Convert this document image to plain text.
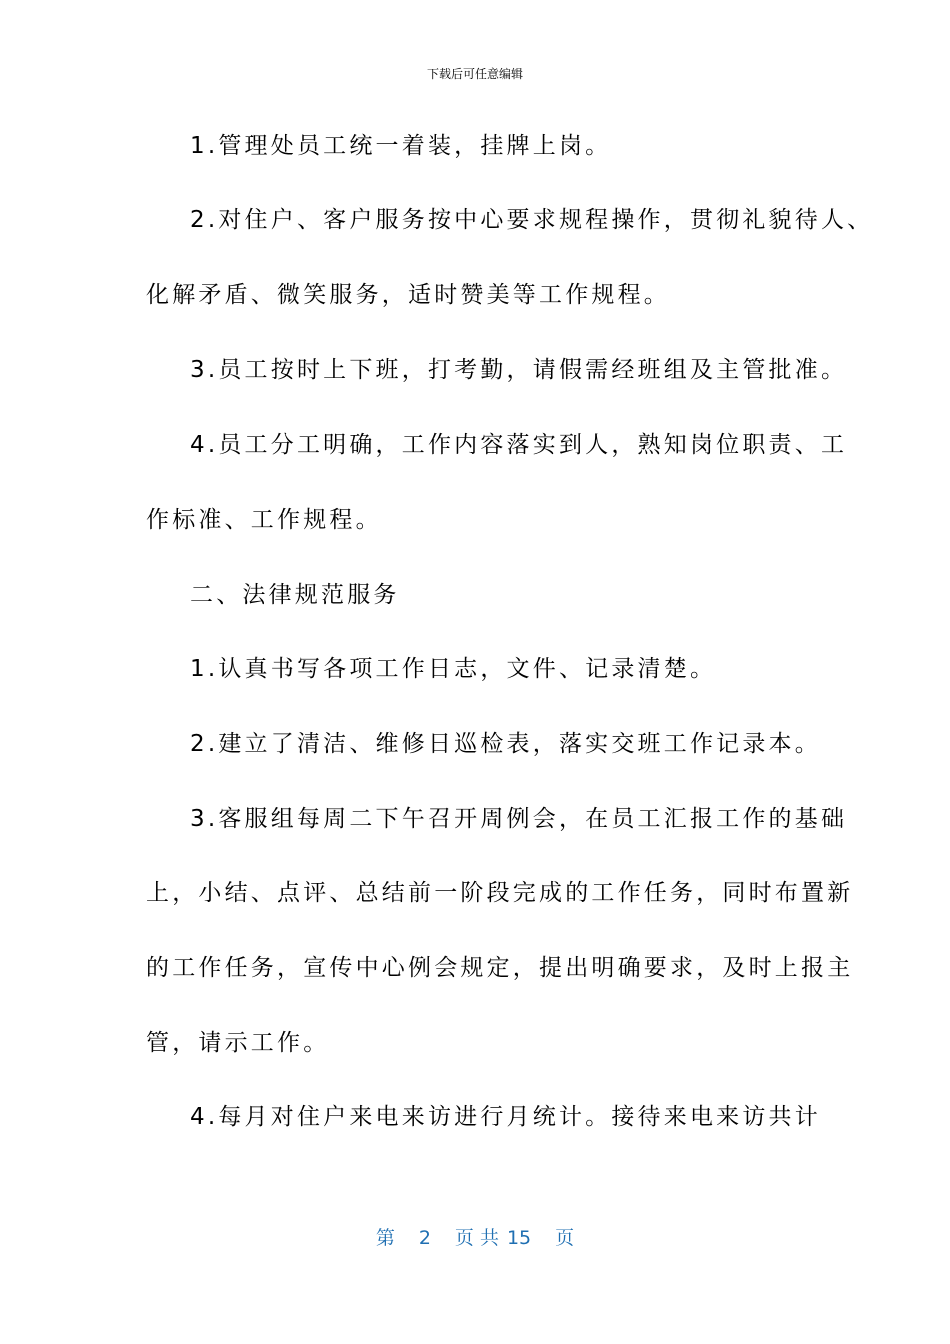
下载后可任意编辑
1.管理处员工统一着装，挂牌上岗。
2.对住户、客户服务按中心要求规程操作，贯彻礼貌待人、
化解矛盾、微笑服务，适时赞美等工作规程。
3.员工按时上下班，打考勤，请假需经班组及主管批准。
4.员工分工明确，工作内容落实到人，熟知岗位职责、工
作标准、工作规程。
二、法律规范服务
1.认真书写各项工作日志，文件、记录清楚。
2.建立了清洁、维修日巡检表，落实交班工作记录本。
3.客服组每周二下午召开周例会，在员工汇报工作的基础
上，小结、点评、总结前一阶段完成的工作任务，同时布置新
的工作任务，宣传中心例会规定，提出明确要求，及时上报主
管，请示工作。
4.每月对住户来电来访进行月统计。接待来电来访共计
第 2 页 共 15 页
